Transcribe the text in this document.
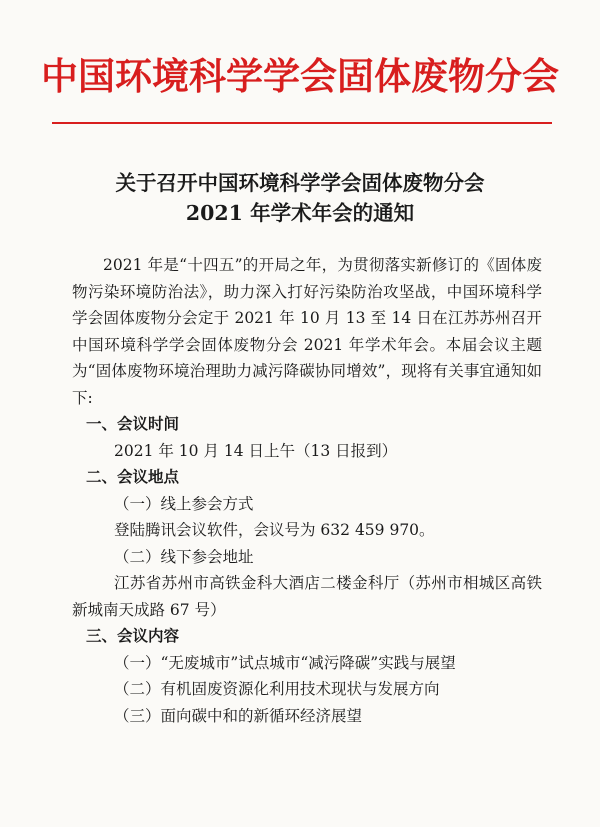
中国环境科学学会固体废物分会
关于召开中国环境科学学会固体废物分会
2021 年学术年会的通知

2021 年是“十四五”的开局之年，为贯彻落实新修订的《固体废物污染环境防治法》，助力深入打好污染防治攻坚战，中国环境科学学会固体废物分会定于 2021 年 10 月 13 至 14 日在江苏苏州召开中国环境科学学会固体废物分会 2021 年学术年会。本届会议主题为“固体废物环境治理助力减污降碳协同增效”，现将有关事宜通知如下:

一、会议时间

2021 年 10 月 14 日上午（13 日报到）

二、会议地点

（一）线上参会方式

登陆腾讯会议软件，会议号为 632 459 970。

（二）线下参会地址

江苏省苏州市高铁金科大酒店二楼金科厅（苏州市相城区高铁新城南天成路 67 号）

三、会议内容

（一）“无废城市”试点城市“减污降碳”实践与展望

（二）有机固废资源化利用技术现状与发展方向

（三）面向碳中和的新循环经济展望
